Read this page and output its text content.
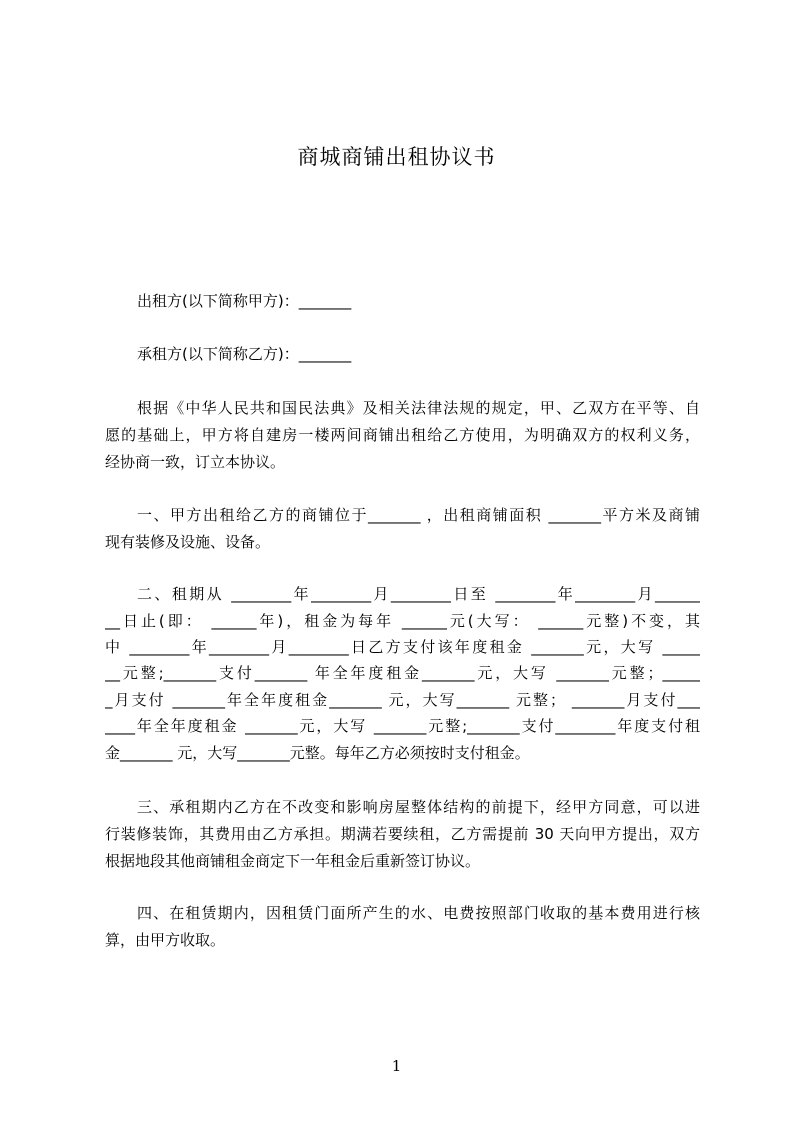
商城商铺出租协议书
出租方(以下简称甲方)：_______
承租方(以下简称乙方)：_______
根据《中华人民共和国民法典》及相关法律法规的规定，甲、乙双方在平等、自
愿的基础上，甲方将自建房一楼两间商铺出租给乙方使用，为明确双方的权利义务，
经协商一致，订立本协议。
一、甲方出租给乙方的商铺位于_______ ，出租商铺面积 _______平方米及商铺
现有装修及设施、设备。
二、租期从 ________年________月________日至 ________年________月______
__日止(即： ______年)，租金为每年 ______元(大写： ______元整)不变，其
中 ________年________月________日乙方支付该年度租金 _______元，大写 _____
__元整;_______支付_______ 年全年度租金_______元，大写 _______元整；_____
_月支付 _______年全年度租金_______ 元，大写_______ 元整； _______月支付___
____年全年度租金 _______元，大写 _______元整;_______支付________年度支付租
金_______ 元，大写_______元整。每年乙方必须按时支付租金。
三、承租期内乙方在不改变和影响房屋整体结构的前提下，经甲方同意，可以进
行装修装饰，其费用由乙方承担。期满若要续租，乙方需提前 30 天向甲方提出，双方
根据地段其他商铺租金商定下一年租金后重新签订协议。
四、在租赁期内，因租赁门面所产生的水、电费按照部门收取的基本费用进行核
算，由甲方收取。
1
